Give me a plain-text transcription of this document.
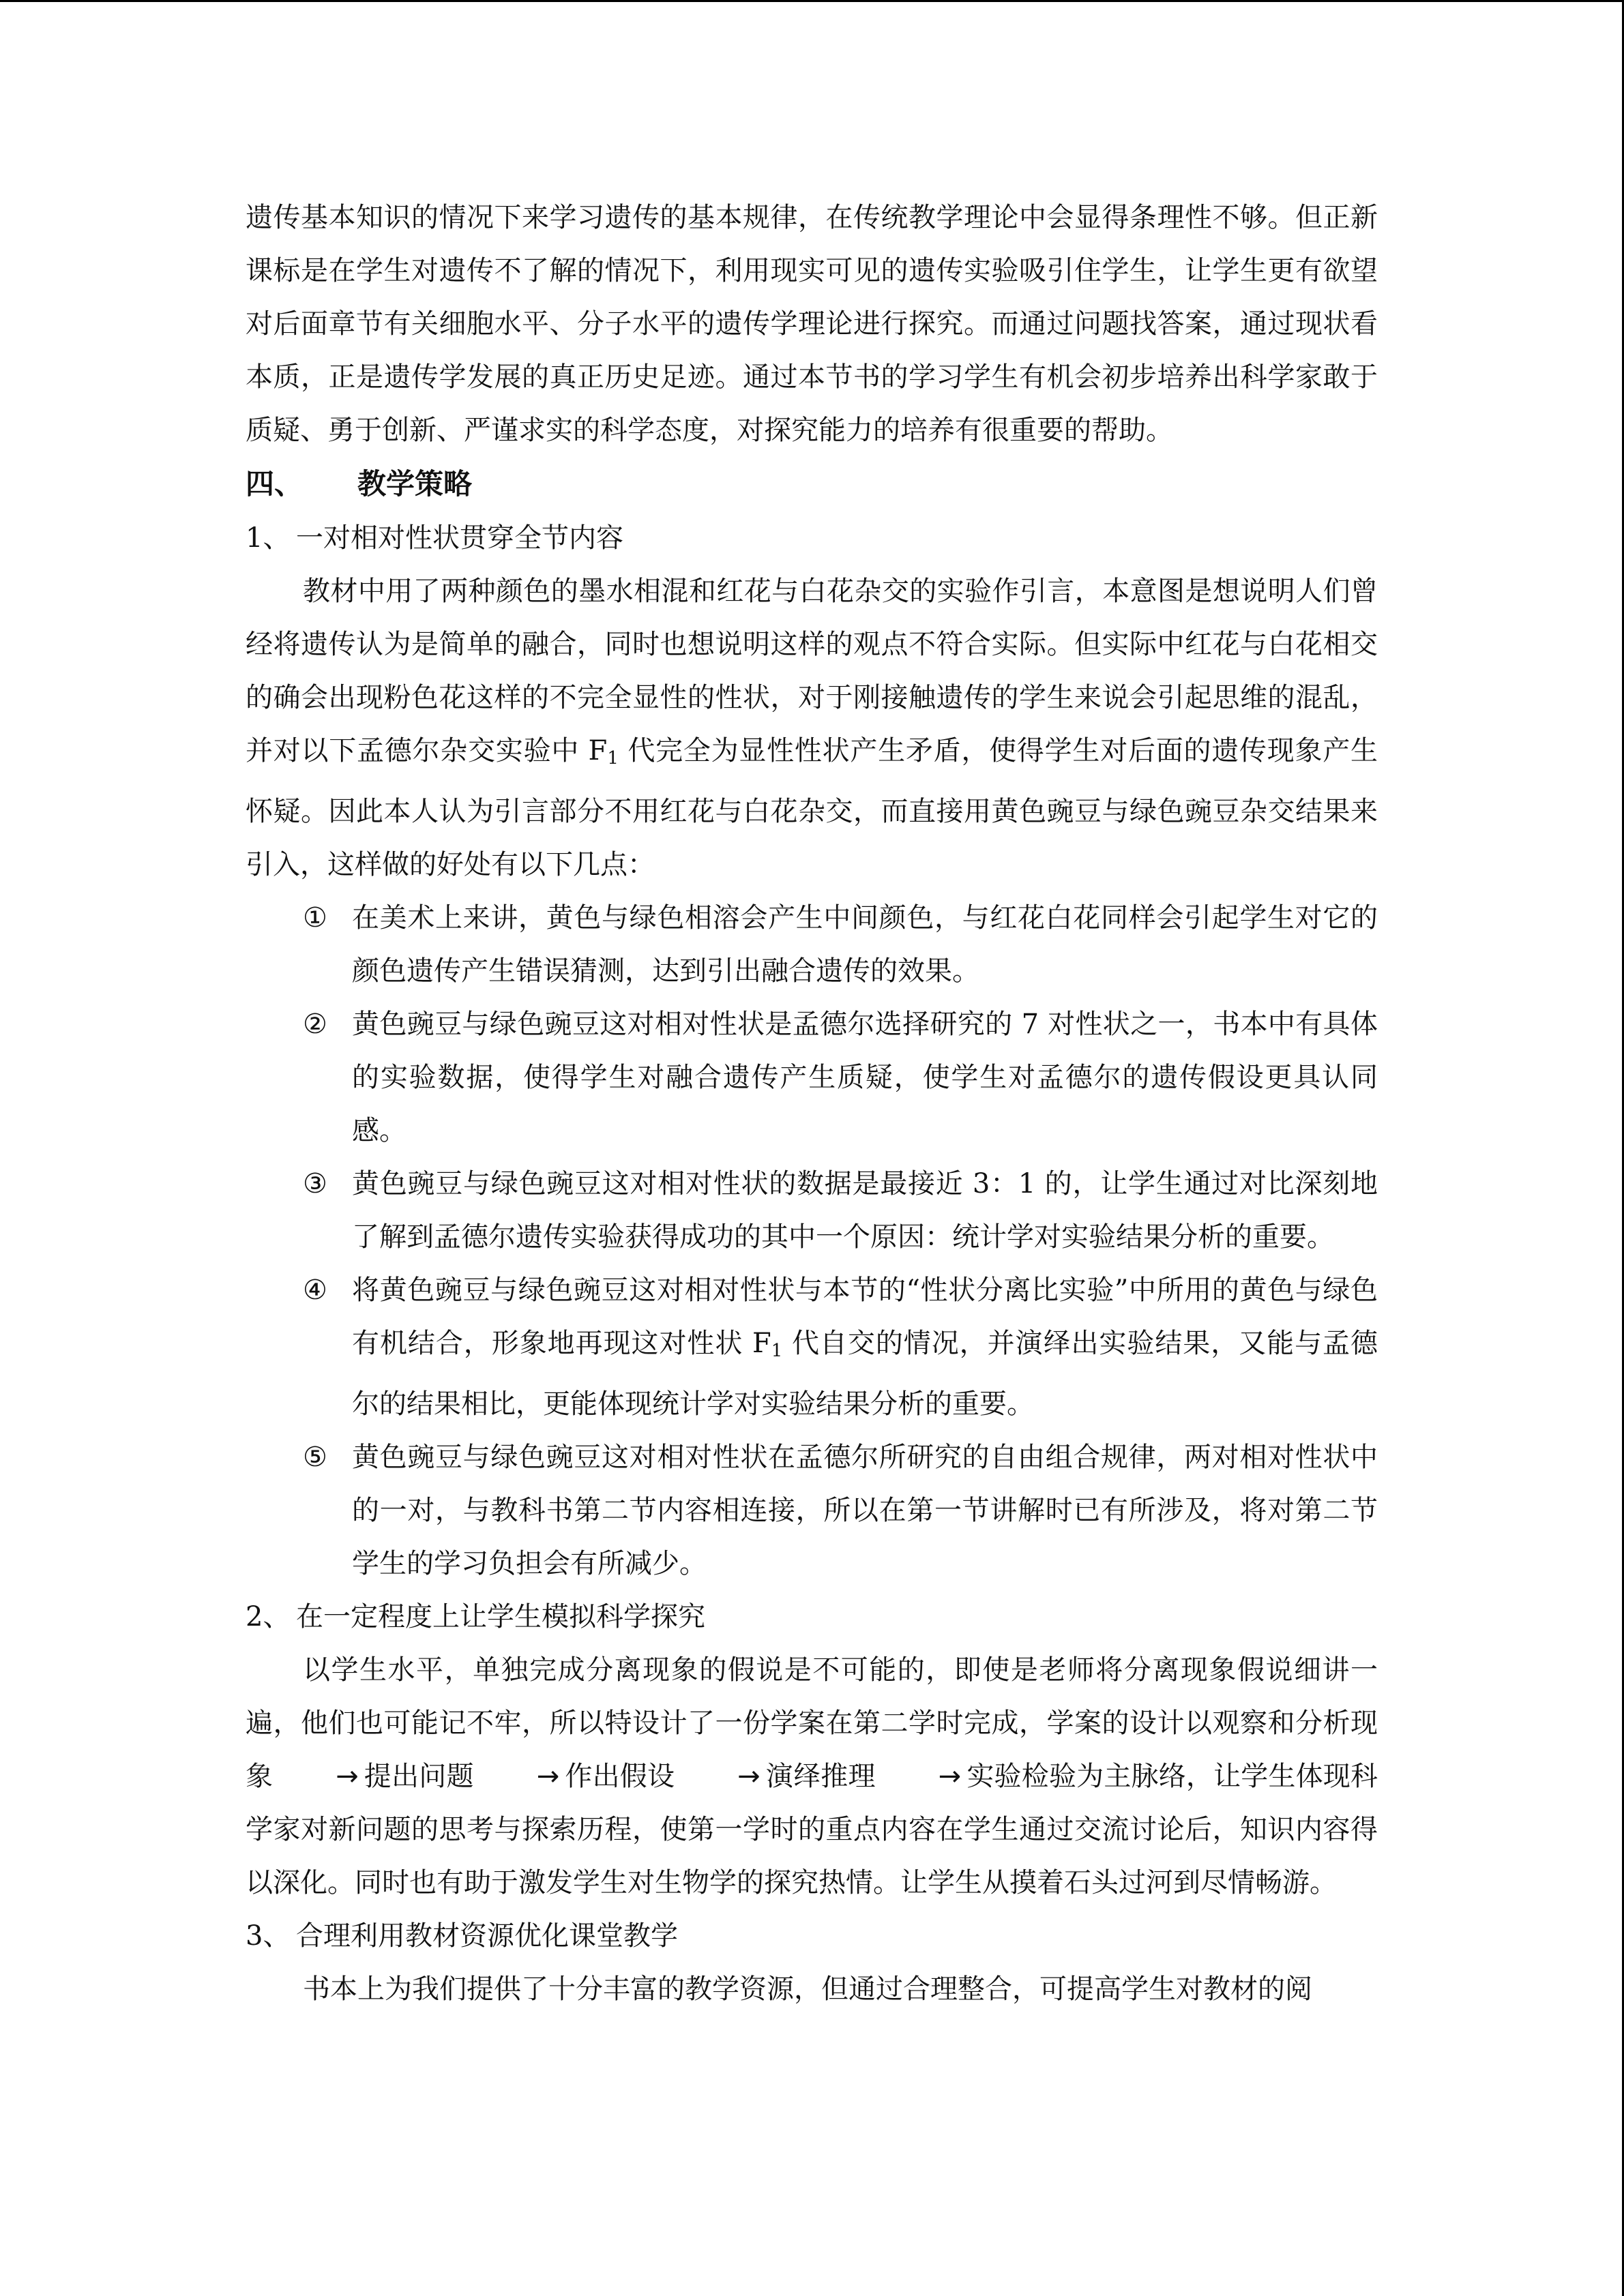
遗传基本知识的情况下来学习遗传的基本规律，在传统教学理论中会显得条理性不够。但正新课标是在学生对遗传不了解的情况下，利用现实可见的遗传实验吸引住学生，让学生更有欲望对后面章节有关细胞水平、分子水平的遗传学理论进行探究。而通过问题找答案，通过现状看本质，正是遗传学发展的真正历史足迹。通过本节书的学习学生有机会初步培养出科学家敢于质疑、勇于创新、严谨求实的科学态度，对探究能力的培养有很重要的帮助。

四、 教学策略
1、 一对相对性状贯穿全节内容

教材中用了两种颜色的墨水相混和红花与白花杂交的实验作引言，本意图是想说明人们曾经将遗传认为是简单的融合，同时也想说明这样的观点不符合实际。但实际中红花与白花相交的确会出现粉色花这样的不完全显性的性状，对于刚接触遗传的学生来说会引起思维的混乱，并对以下孟德尔杂交实验中 $F_1$ 代完全为显性性状产生矛盾，使得学生对后面的遗传现象产生怀疑。因此本人认为引言部分不用红花与白花杂交，而直接用黄色豌豆与绿色豌豆杂交结果来引入，这样做的好处有以下几点：

① 在美术上来讲，黄色与绿色相溶会产生中间颜色，与红花白花同样会引起学生对它的颜色遗传产生错误猜测，达到引出融合遗传的效果。
② 黄色豌豆与绿色豌豆这对相对性状是孟德尔选择研究的 7 对性状之一，书本中有具体的实验数据，使得学生对融合遗传产生质疑，使学生对孟德尔的遗传假设更具认同感。
③ 黄色豌豆与绿色豌豆这对相对性状的数据是最接近 3：1 的，让学生通过对比深刻地了解到孟德尔遗传实验获得成功的其中一个原因：统计学对实验结果分析的重要。
④ 将黄色豌豆与绿色豌豆这对相对性状与本节的“性状分离比实验”中所用的黄色与绿色有机结合，形象地再现这对性状 $F_1$ 代自交的情况，并演绎出实验结果，又能与孟德尔的结果相比，更能体现统计学对实验结果分析的重要。
⑤ 黄色豌豆与绿色豌豆这对相对性状在孟德尔所研究的自由组合规律，两对相对性状中的一对，与教科书第二节内容相连接，所以在第一节讲解时已有所涉及，将对第二节学生的学习负担会有所减少。
2、 在一定程度上让学生模拟科学探究

以学生水平，单独完成分离现象的假说是不可能的，即使是老师将分离现象假说细讲一遍，他们也可能记不牢，所以特设计了一份学案在第二学时完成，学案的设计以观察和分析现象 → 提出问题 → 作出假设 → 演绎推理 → 实验检验为主脉络，让学生体现科学家对新问题的思考与探索历程，使第一学时的重点内容在学生通过交流讨论后，知识内容得以深化。同时也有助于激发学生对生物学的探究热情。让学生从摸着石头过河到尽情畅游。

3、 合理利用教材资源优化课堂教学

书本上为我们提供了十分丰富的教学资源，但通过合理整合，可提高学生对教材的阅
